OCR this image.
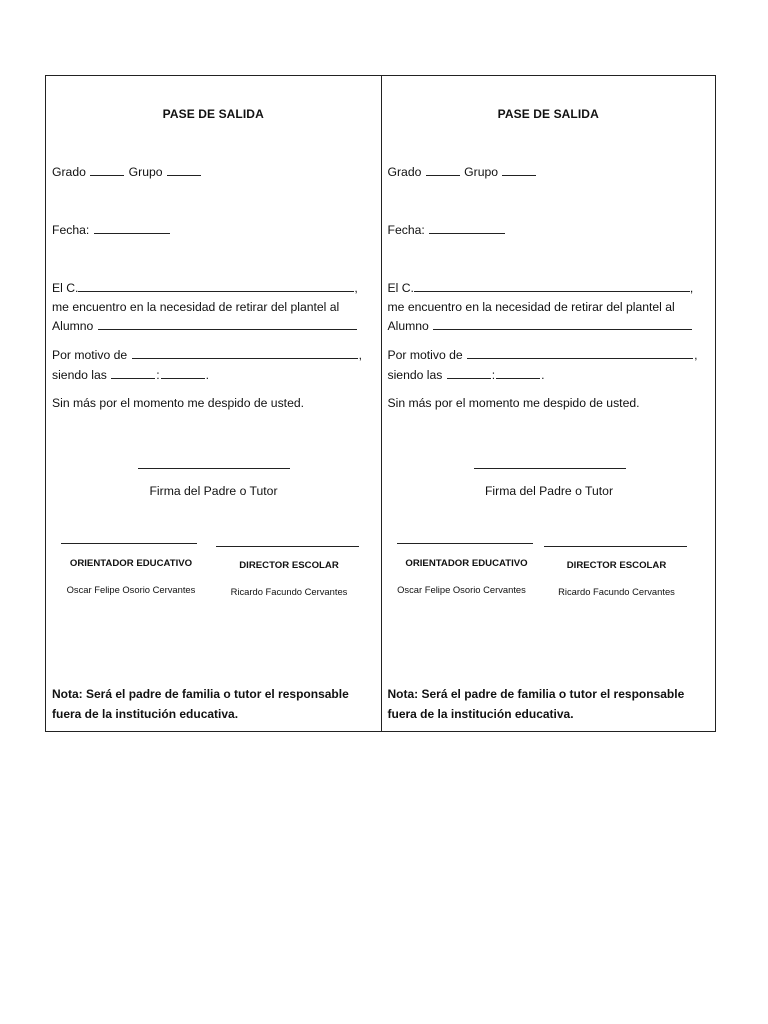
PASE DE SALIDA
Grado	Grupo
Fecha:
El C.	,
me encuentro en la necesidad de retirar del plantel al
Alumno
Por motivo de	,
siendo las	:	.
Sin más por el momento me despido de usted.
Firma del Padre o Tutor
ORIENTADOR EDUCATIVO	DIRECTOR ESCOLAR
Oscar Felipe Osorio Cervantes	Ricardo Facundo Cervantes
Nota: Será el padre de familia o tutor el responsable fuera de la institución educativa.
PASE DE SALIDA
Grado	Grupo
Fecha:
El C.	,
me encuentro en la necesidad de retirar del plantel al
Alumno
Por motivo de	,
siendo las	:	.
Sin más por el momento me despido de usted.
Firma del Padre o Tutor
ORIENTADOR EDUCATIVO	DIRECTOR ESCOLAR
Oscar Felipe Osorio Cervantes	Ricardo Facundo Cervantes
Nota: Será el padre de familia o tutor el responsable fuera de la institución educativa.
